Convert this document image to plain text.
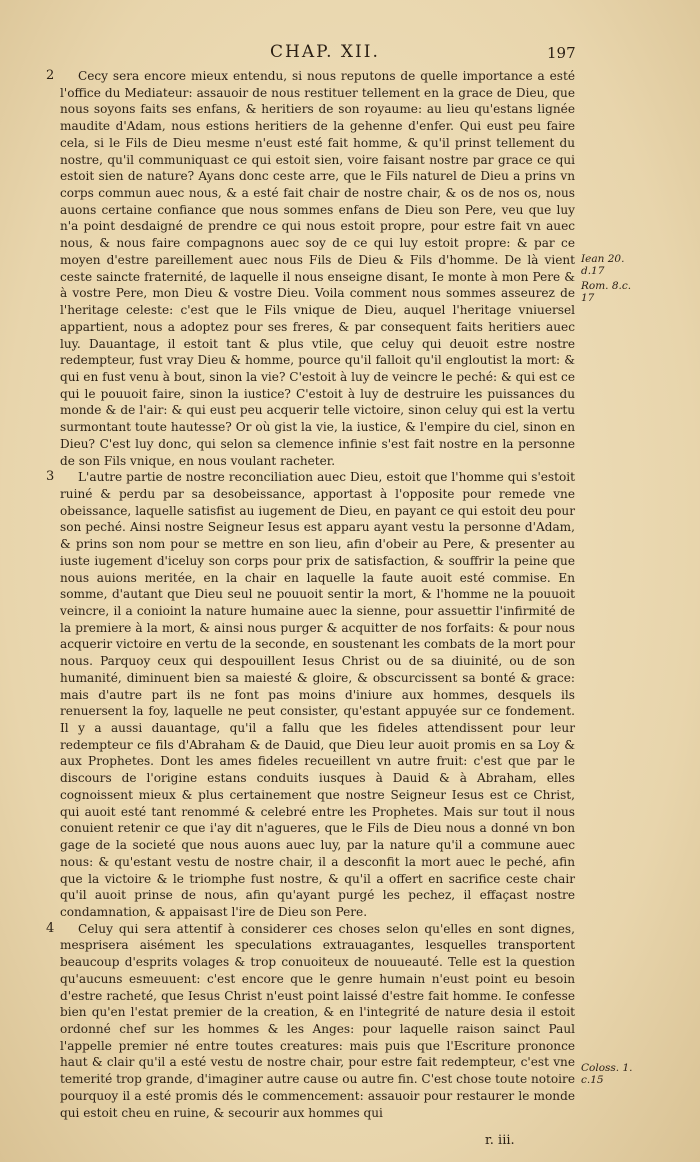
CHAP. XII.	197

2 Cecy sera encore mieux entendu, si nous reputons de quelle importance a esté l'office du Mediateur: assauoir de nous restituer tellement en la grace de Dieu, que nous soyons faits ses enfans, & heritiers de son royaume: au lieu qu'estans lignée maudite d'Adam, nous estions heritiers de la gehenne d'enfer. Qui eust peu faire cela, si le Fils de Dieu mesme n'eust esté fait homme, & qu'il prinst tellement du nostre, qu'il communiquast ce qui estoit sien, voire faisant nostre par grace ce qui estoit sien de nature? Ayans donc ceste arre, que le Fils naturel de Dieu a prins vn corps commun auec nous, & a esté fait chair de nostre chair, & os de nos os, nous auons certaine confiance que nous sommes enfans de Dieu son Pere, veu que luy n'a point desdaigné de prendre ce qui nous estoit propre, pour estre fait vn auec nous, & nous faire compagnons auec soy de ce qui luy estoit propre: & par ce moyen d'estre pareillement auec nous Fils de Dieu & Fils d'homme. De là vient ceste saincte fraternité, de laquelle il nous enseigne disant, Ie monte à mon Pere & à vostre Pere, mon Dieu & vostre Dieu. Voila comment nous sommes asseurez de l'heritage celeste: c'est que le Fils vnique de Dieu, auquel l'heritage vniuersel appartient, nous a adoptez pour ses freres, & par consequent faits heritiers auec luy. Dauantage, il estoit tant & plus vtile, que celuy qui deuoit estre nostre redempteur, fust vray Dieu & homme, pource qu'il falloit qu'il engloutist la mort: & qui en fust venu à bout, sinon la vie? C'estoit à luy de veincre le peché: & qui est ce qui le pouuoit faire, sinon la iustice? C'estoit à luy de destruire les puissances du monde & de l'air: & qui eust peu acquerir telle victoire, sinon celuy qui est la vertu surmontant toute hautesse? Or où gist la vie, la iustice, & l'empire du ciel, sinon en Dieu? C'est luy donc, qui selon sa clemence infinie s'est fait nostre en la personne de son Fils vnique, en nous voulant racheter.

3 L'autre partie de nostre reconciliation auec Dieu, estoit que l'homme qui s'estoit ruiné & perdu par sa desobeissance, apportast à l'opposite pour remede vne obeissance, laquelle satisfist au iugement de Dieu, en payant ce qui estoit deu pour son peché. Ainsi nostre Seigneur Iesus est apparu ayant vestu la personne d'Adam, & prins son nom pour se mettre en son lieu, afin d'obeir au Pere, & presenter au iuste iugement d'iceluy son corps pour prix de satisfaction, & souffrir la peine que nous auions meritée, en la chair en laquelle la faute auoit esté commise. En somme, d'autant que Dieu seul ne pouuoit sentir la mort, & l'homme ne la pouuoit veincre, il a conioint la nature humaine auec la sienne, pour assuettir l'infirmité de la premiere à la mort, & ainsi nous purger & acquitter de nos forfaits: & pour nous acquerir victoire en vertu de la seconde, en soustenant les combats de la mort pour nous. Parquoy ceux qui despouillent Iesus Christ ou de sa diuinité, ou de son humanité, diminuent bien sa maiesté & gloire, & obscurcissent sa bonté & grace: mais d'autre part ils ne font pas moins d'iniure aux hommes, desquels ils renuersent la foy, laquelle ne peut consister, qu'estant appuyée sur ce fondement. Il y a aussi dauantage, qu'il a fallu que les fideles attendissent pour leur redempteur ce fils d'Abraham & de Dauid, que Dieu leur auoit promis en sa Loy & aux Prophetes. Dont les ames fideles recueillent vn autre fruit: c'est que par le discours de l'origine estans conduits iusques à Dauid & à Abraham, elles cognoissent mieux & plus certainement que nostre Seigneur Iesus est ce Christ, qui auoit esté tant renommé & celebré entre les Prophetes. Mais sur tout il nous conuient retenir ce que i'ay dit n'agueres, que le Fils de Dieu nous a donné vn bon gage de la societé que nous auons auec luy, par la nature qu'il a commune auec nous: & qu'estant vestu de nostre chair, il a desconfit la mort auec le peché, afin que la victoire & le triomphe fust nostre, & qu'il a offert en sacrifice ceste chair qu'il auoit prinse de nous, afin qu'ayant purgé les pechez, il effaçast nostre condamnation, & appaisast l'ire de Dieu son Pere.

4 Celuy qui sera attentif à considerer ces choses selon qu'elles en sont dignes, mesprisera aisément les speculations extrauagantes, lesquelles transportent beaucoup d'esprits volages & trop conuoiteux de nouueauté. Telle est la question qu'aucuns esmeuuent: c'est encore que le genre humain n'eust point eu besoin d'estre racheté, que Iesus Christ n'eust point laissé d'estre fait homme. Ie confesse bien qu'en l'estat premier de la creation, & en l'integrité de nature desia il estoit ordonné chef sur les hommes & les Anges: pour laquelle raison sainct Paul l'appelle premier né entre toutes creatures: mais puis que l'Escriture prononce haut & clair qu'il a esté vestu de nostre chair, pour estre fait redempteur, c'est vne temerité trop grande, d'imaginer autre cause ou autre fin. C'est chose toute notoire pourquoy il a esté promis dés le commencement: assauoir pour restaurer le monde qui estoit cheu en ruine, & secourir aux hommes qui

Iean 20.
d.17
Rom. 8.c.
17
Coloss. 1.
c.15
r. iii.
